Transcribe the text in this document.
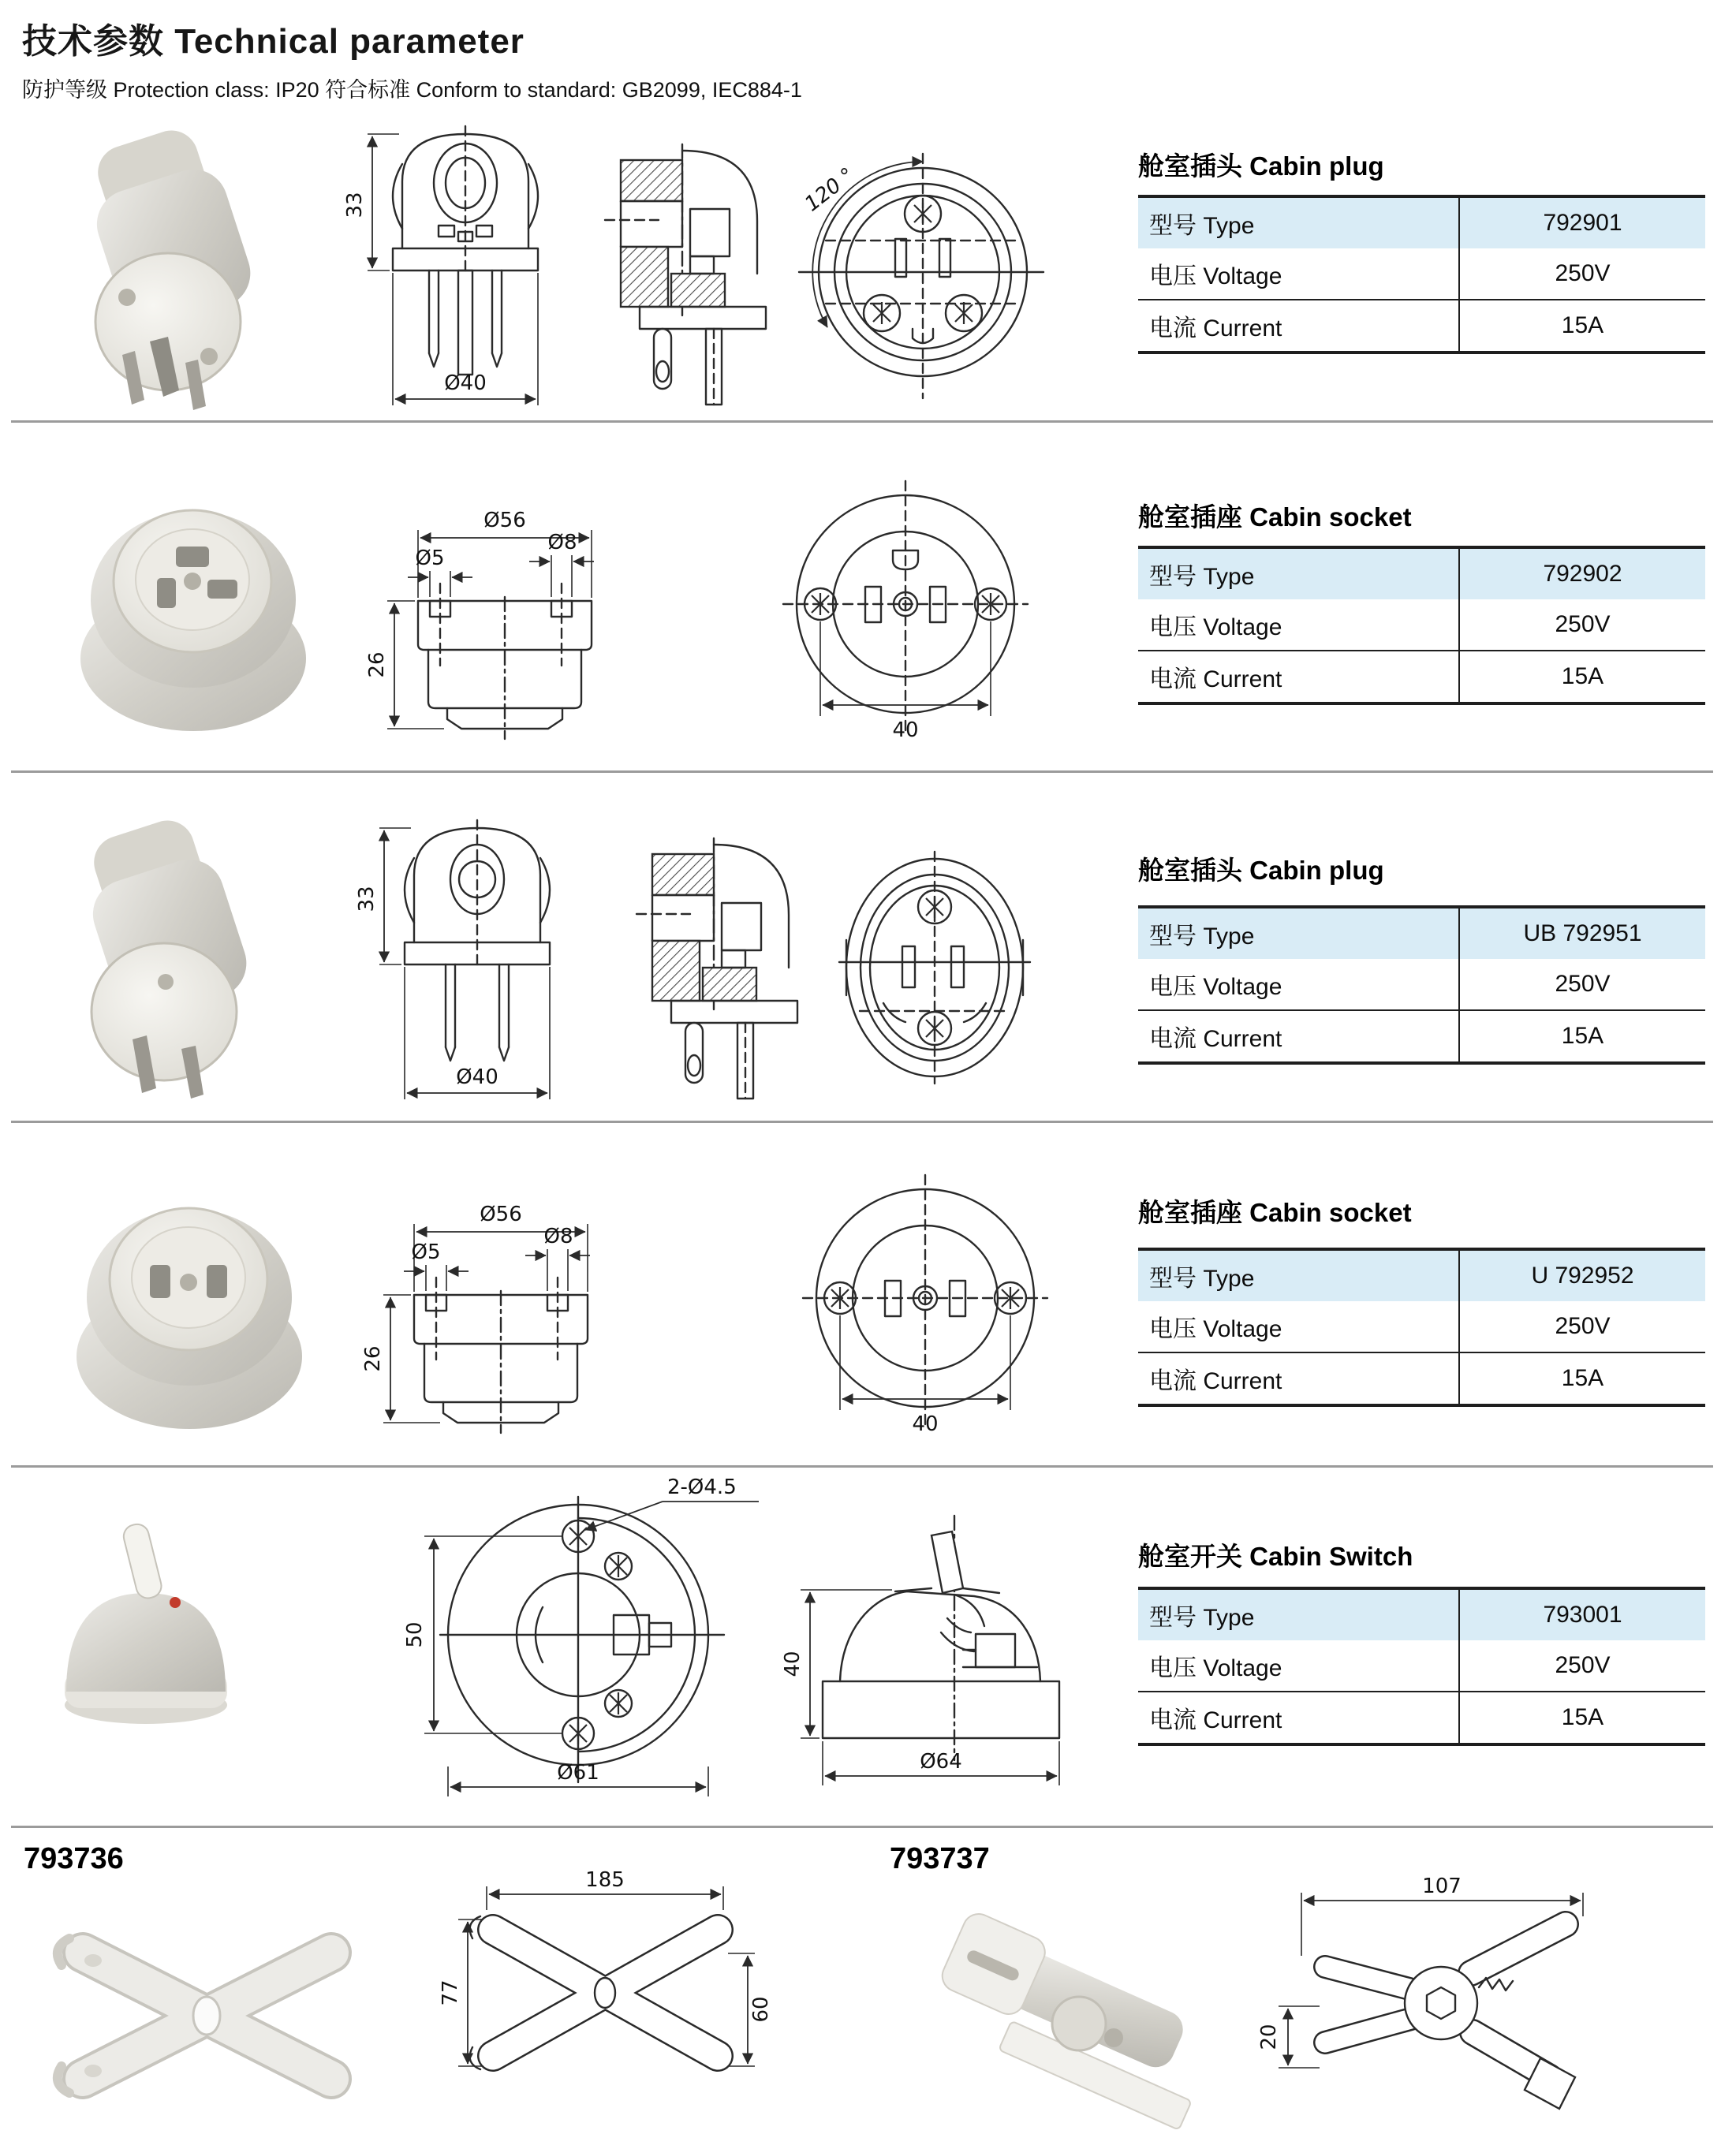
技术参数 Technical parameter
防护等级 Protection class: IP20 符合标准 Conform to standard: GB2099, IEC884-1
33
Ø40
120 °	舱室插头 Cabin plug
型号 Type	792901
电压 Voltage	250V
电流 Current	15A
Ø56
Ø5
Ø8
26
40
舱室插座 Cabin socket
型号 Type	792902
电压 Voltage	250V
电流 Current	15A
33
Ø40
舱室插头 Cabin plug
型号 Type	UB 792951
电压 Voltage	250V
电流 Current	15A
Ø56
Ø5
Ø8
26
40
舱室插座 Cabin socket
型号 Type	U 792952
电压 Voltage	250V
电流 Current	15A
2-Ø4.5
50
Ø61
40
Ø64
舱室开关 Cabin Switch
型号 Type	793001
电压 Voltage	250V
电流 Current	15A
793736
185
77
60
793737
107
20
